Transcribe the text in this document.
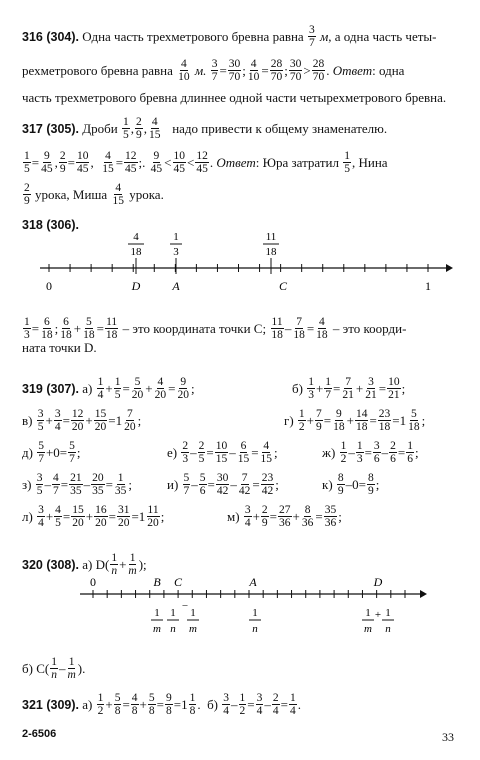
316 (304).
Одна часть трехметрового бревна равна
$\frac{3}{7}$
м , а одна часть четы-
рехметрового бревна равна
$\frac{4}{10}$
м.
$\frac{3}{7} = \frac{30}{70}$ ; $\frac{4}{10} = \frac{28}{70}$ ; $\frac{30}{70} > \frac{28}{70}$ . Ответ : одна
часть трехметрового бревна длиннее одной части четырехметрового бревна.
317 (305).
Дроби
$\frac{1}{5}$ , $\frac{2}{9}$ , $\frac{4}{15}$
надо привести к общему знаменателю.
$\frac{1}{5} = \frac{9}{45}$ , $\frac{2}{9} = \frac{10}{45}$ , $\frac{4}{15} = \frac{12}{45}$ ;. $\frac{9}{45} < \frac{10}{45} < \frac{12}{45}$ . Ответ : Юра затратил
$\frac{1}{5}$ , Нина
$\frac{2}{9}$
урока, Миша
$\frac{4}{15}$
урока.
318 (306).
4
18
1
3
11
18
0	D	A	C	1
$\frac{1}{3} = \frac{6}{18}$ ; $\frac{6}{18} + \frac{5}{18} = \frac{11}{18}$
– это координата точки С;
$\frac{11}{18} - \frac{7}{18} = \frac{4}{18}$
– это коорди-
ната точки D.
319 (307).
а)
$\frac{1}{4} + \frac{1}{5} = \frac{5}{20} + \frac{4}{20} = \frac{9}{20}$ ;	б)
$\frac{1}{3} + \frac{1}{7} = \frac{7}{21} + \frac{3}{21} = \frac{10}{21}$ ;
в)
$\frac{3}{5} + \frac{3}{4} = \frac{12}{20} + \frac{15}{20} = 1 \frac{7}{20}$ ;	г)
$\frac{1}{2} + \frac{7}{9} = \frac{9}{18} + \frac{14}{18} = \frac{23}{18} = 1 \frac{5}{18}$ ;
д)
$\frac{5}{7} + 0 = \frac{5}{7}$ ;	е)
$\frac{2}{3} - \frac{2}{5} = \frac{10}{15} - \frac{6}{15} = \frac{4}{15}$ ;	ж)
$\frac{1}{2} - \frac{1}{3} = \frac{3}{6} - \frac{2}{6} = \frac{1}{6}$ ;
з)
$\frac{3}{5} - \frac{4}{7} = \frac{21}{35} - \frac{20}{35} = \frac{1}{35}$ ;	и)
$\frac{5}{7} - \frac{5}{6} = \frac{30}{42} - \frac{7}{42} = \frac{23}{42}$ ;	к)
$\frac{8}{9} - 0 = \frac{8}{9}$ ;
л)
$\frac{3}{4} + \frac{4}{5} = \frac{15}{20} + \frac{16}{20} = \frac{31}{20} = 1 \frac{11}{20}$ ;	м)
$\frac{3}{4} + \frac{2}{9} = \frac{27}{36} + \frac{8}{36} = \frac{35}{36}$ ;
320 (308).
а) $D( \frac{1}{n} + \frac{1}{m}$ );
0	B C	A	D
1
m
1
n
–
1
m
1
n
1
m
+ 1
n
б) $C( \frac{1}{n} - \frac{1}{m}$ ).
321 (309). $а) \frac{1}{2} + \frac{5}{8} = \frac{4}{8} + \frac{5}{8} = \frac{9}{8} = 1 \frac{1}{8}$ .  $б) \frac{3}{4} - \frac{1}{2} = \frac{3}{4} - \frac{2}{4} = \frac{1}{4}$ .
2-6506	33
